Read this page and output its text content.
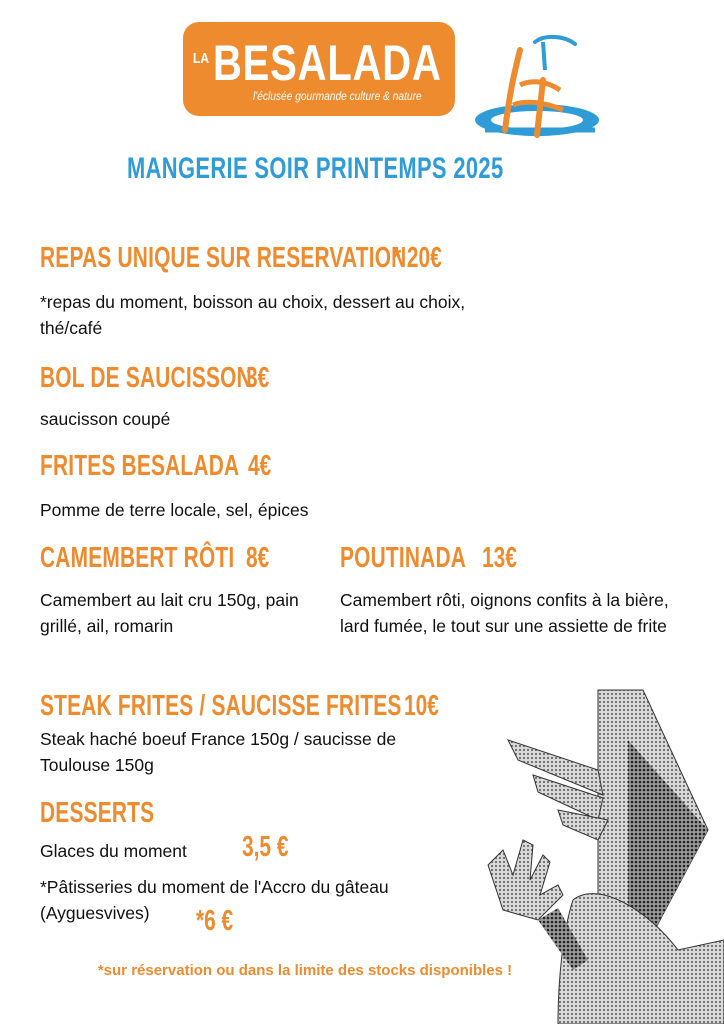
LA BESALADA
l'éclusée gourmande culture & nature
MANGERIE SOIR PRINTEMPS 2025
REPAS UNIQUE SUR RESERVATION
* 20€
*repas du moment, boisson au choix, dessert au choix, thé/café
BOL DE SAUCISSON
3€
saucisson coupé
FRITES BESALADA 4€
Pomme de terre locale, sel, épices
CAMEMBERT RÔTI 8€
Camembert au lait cru 150g, pain grillé, ail, romarin
POUTINADA 13€
Camembert rôti, oignons confits à la bière, lard fumée, le tout sur une assiette de frite
STEAK FRITES / SAUCISSE FRITES 10€
Steak haché boeuf France 150g / saucisse de Toulouse 150g
DESSERTS
Glaces du moment 3,5 €
*Pâtisseries du moment de l'Accro du gâteau (Ayguesvives)	*6 €
*sur réservation ou dans la limite des stocks disponibles !
